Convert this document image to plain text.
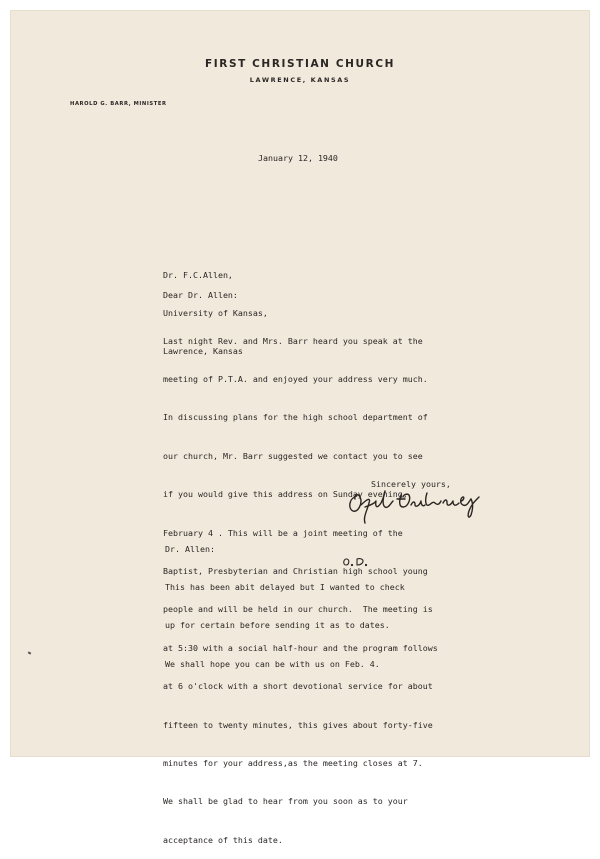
FIRST CHRISTIAN CHURCH
LAWRENCE, KANSAS
HAROLD G. BARR, MINISTER
January 12, 1940

Dr. F.C.Allen,

University of Kansas,

Lawrence, Kansas

Dear Dr. Allen:

Last night Rev. and Mrs. Barr heard you speak at the

meeting of P.T.A. and enjoyed your address very much.

In discussing plans for the high school department of

our church, Mr. Barr suggested we contact you to see

if you would give this address on Sunday evening,

February 4 . This will be a joint meeting of the

Baptist, Presbyterian and Christian high school young

people and will be held in our church.  The meeting is

at 5:30 with a social half-hour and the program follows

at 6 o'clock with a short devotional service for about

fifteen to twenty minutes, this gives about forty-five

minutes for your address,as the meeting closes at 7.

We shall be glad to hear from you soon as to your

acceptance of this date.

Sincerely yours,

Dr. Allen:

This has been abit delayed but I wanted to check

up for certain before sending it as to dates.

We shall hope you can be with us on Feb. 4.
